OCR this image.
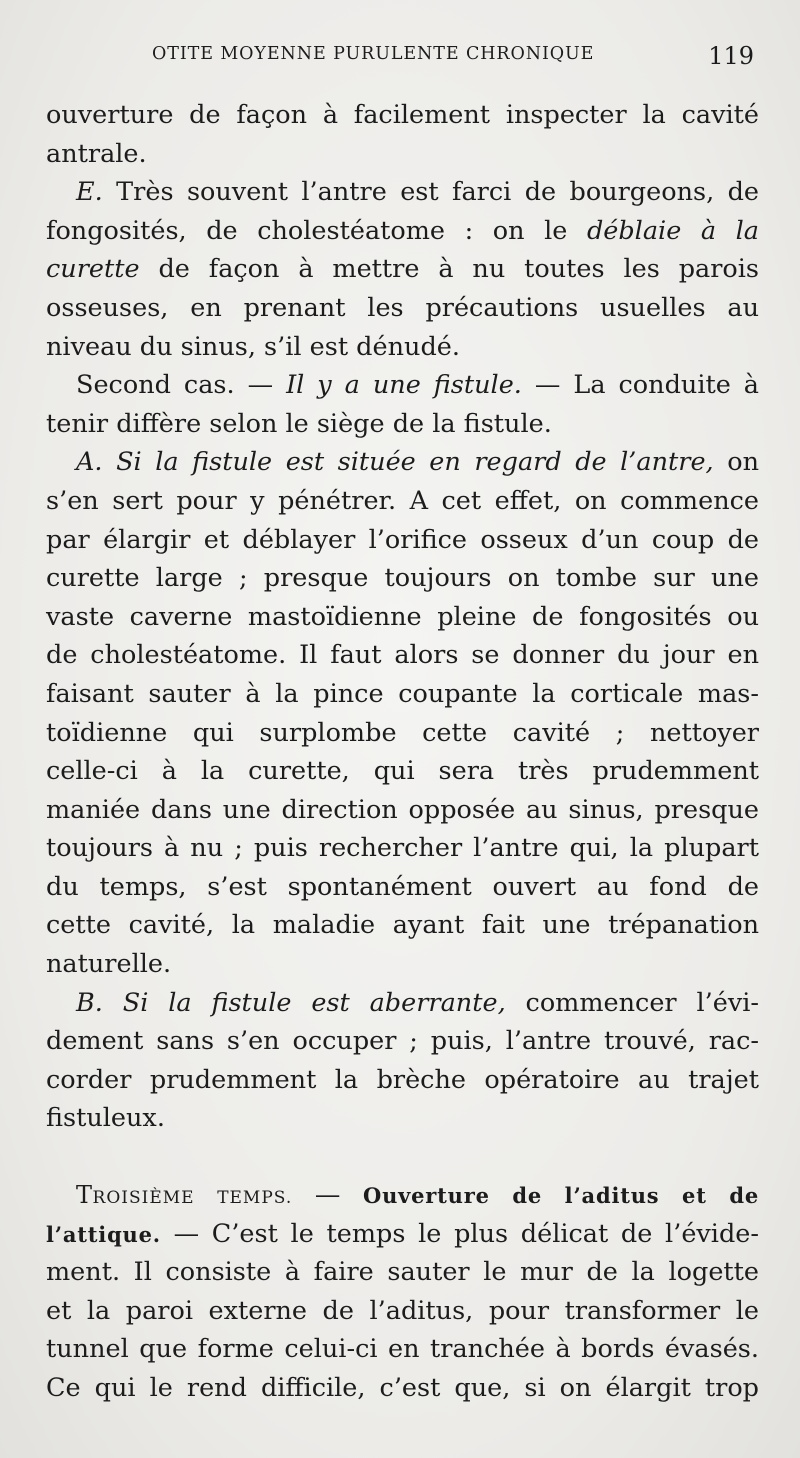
OTITE MOYENNE PURULENTE CHRONIQUE	119
ouverture de façon à facilement inspecter la cavité
antrale.
E. Très souvent l’antre est farci de bourgeons, de
fongosités, de cholestéatome : on le déblaie à la
curette de façon à mettre à nu toutes les parois
osseuses, en prenant les précautions usuelles au
niveau du sinus, s’il est dénudé.
Second cas. — Il y a une fistule. — La conduite à
tenir diffère selon le siège de la fistule.
A. Si la fistule est située en regard de l’antre, on
s’en sert pour y pénétrer. A cet effet, on commence
par élargir et déblayer l’orifice osseux d’un coup de
curette large ; presque toujours on tombe sur une
vaste caverne mastoïdienne pleine de fongosités ou
de cholestéatome. Il faut alors se donner du jour en
faisant sauter à la pince coupante la corticale mas-
toïdienne qui surplombe cette cavité ; nettoyer
celle-ci à la curette, qui sera très prudemment
maniée dans une direction opposée au sinus, presque
toujours à nu ; puis rechercher l’antre qui, la plupart
du temps, s’est spontanément ouvert au fond de
cette cavité, la maladie ayant fait une trépanation
naturelle.
B. Si la fistule est aberrante, commencer l’évi-
dement sans s’en occuper ; puis, l’antre trouvé, rac-
corder prudemment la brèche opératoire au trajet
fistuleux.
TROISIÈME TEMPS. — Ouverture de l’aditus et de
l’attique. — C’est le temps le plus délicat de l’évide-
ment. Il consiste à faire sauter le mur de la logette
et la paroi externe de l’aditus, pour transformer le
tunnel que forme celui-ci en tranchée à bords évasés.
Ce qui le rend difficile, c’est que, si on élargit trop
